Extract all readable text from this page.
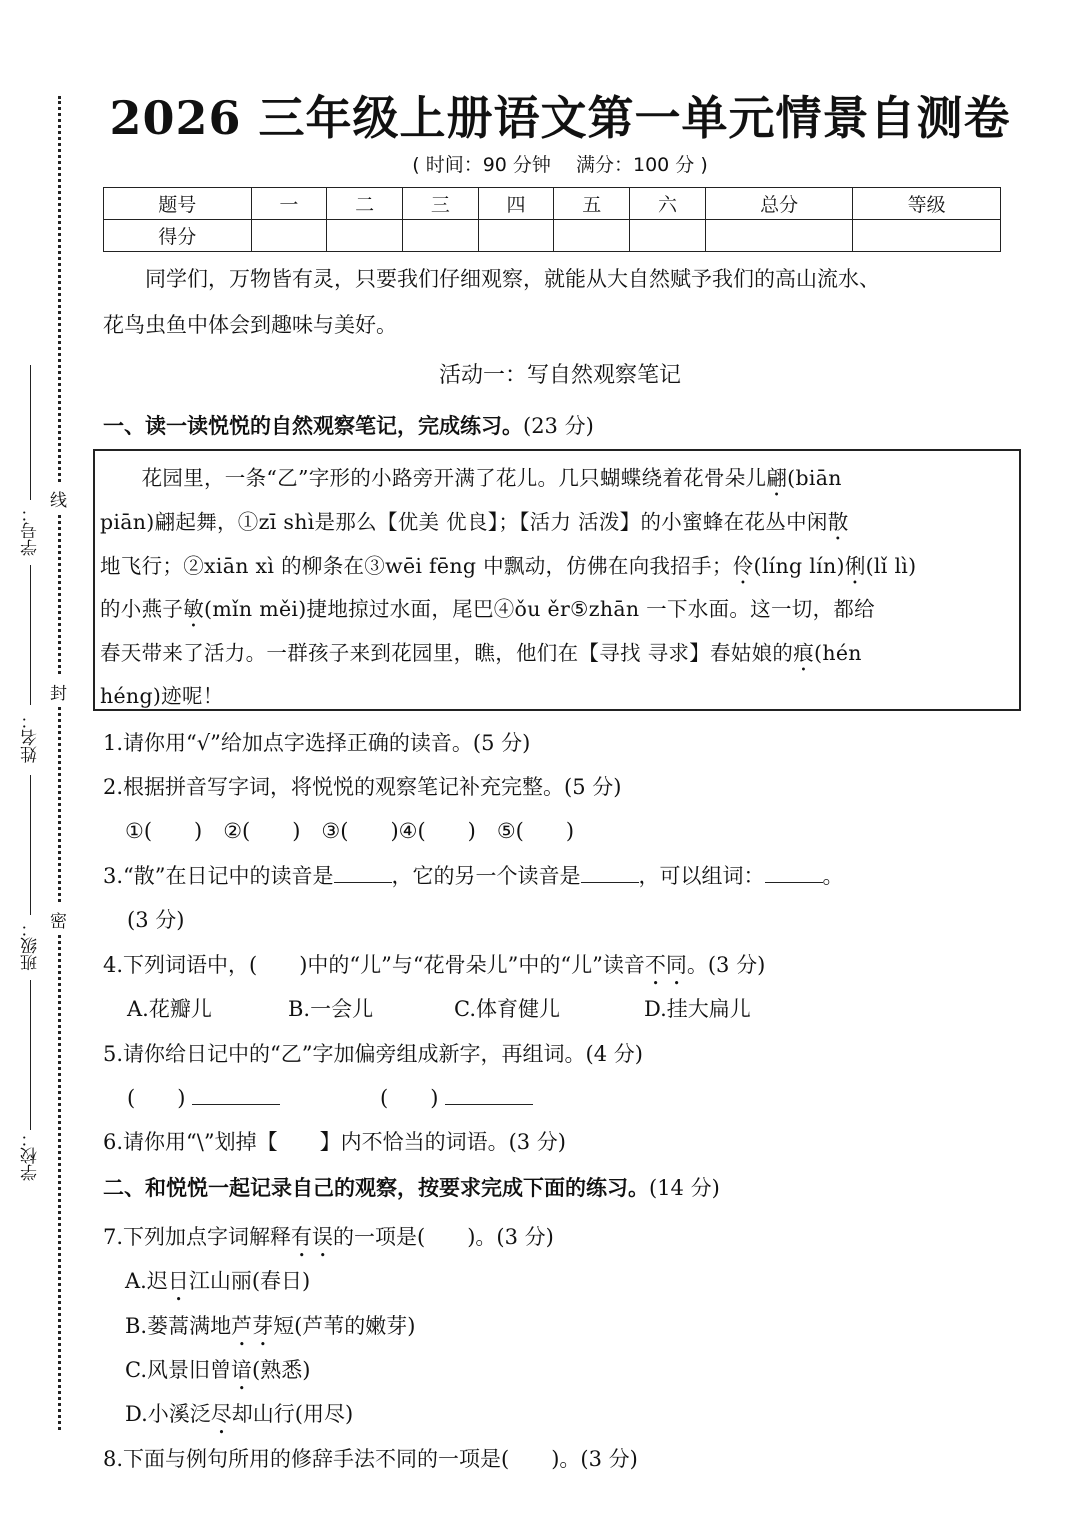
学校：
班级：
姓名：
学号：
密
封
线
2026 三年级上册语文第一单元情景自测卷
( 时间：90 分钟　 满分：100 分 )
题号	一	二	三	四	五	六	总分	等级
得分								
　　同学们，万物皆有灵，只要我们仔细观察，就能从大自然赋予我们的高山流水、
花鸟虫鱼中体会到趣味与美好。
活动一：写自然观察笔记
一、读一读悦悦的自然观察笔记，完成练习。(23 分)
　　花园里，一条“乙”字形的小路旁开满了花儿。几只蝴蝶绕着花骨朵儿翩(biān
piān)翩起舞，①zī shì是那么【优美 优良】；【活力 活泼】的小蜜蜂在花丛中闲散
地飞行；②xiān xì 的柳条在③wēi fēng 中飘动，仿佛在向我招手；伶(líng lín)俐(lǐ lì)
的小燕子敏(mǐn měi)捷地掠过水面，尾巴④ǒu ěr⑤zhān 一下水面。这一切，都给
春天带来了活力。一群孩子来到花园里，瞧，他们在【寻找 寻求】春姑娘的痕(hén
héng)迹呢！
1.请你用“√”给加点字选择正确的读音。(5 分)
2.根据拼音写字词，将悦悦的观察笔记补充完整。(5 分)
①(　　)　②(　　)　③(　　)④(　　)　⑤(　　)
3.“散”在日记中的读音是	，它的另一个读音是	，可以组词：	。
(3 分)
4.下列词语中，(　　)中的“儿”与“花骨朵儿”中的“儿”读音不同。(3 分)
A.花瓣儿	B.一会儿	C.体育健儿	D.挂大扁儿
5.请你给日记中的“乙”字加偏旁组成新字，再组词。(4 分)
(　　)	(　　)
6.请你用“\”划掉【　　】内不恰当的词语。(3 分)
二、和悦悦一起记录自己的观察，按要求完成下面的练习。(14 分)
7.下列加点字词解释有误的一项是(　　)。(3 分)
A.迟日江山丽(春日)
B.蒌蒿满地芦芽短(芦苇的嫩芽)
C.风景旧曾谙(熟悉)
D.小溪泛尽却山行(用尽)
8.下面与例句所用的修辞手法不同的一项是(　　)。(3 分)
